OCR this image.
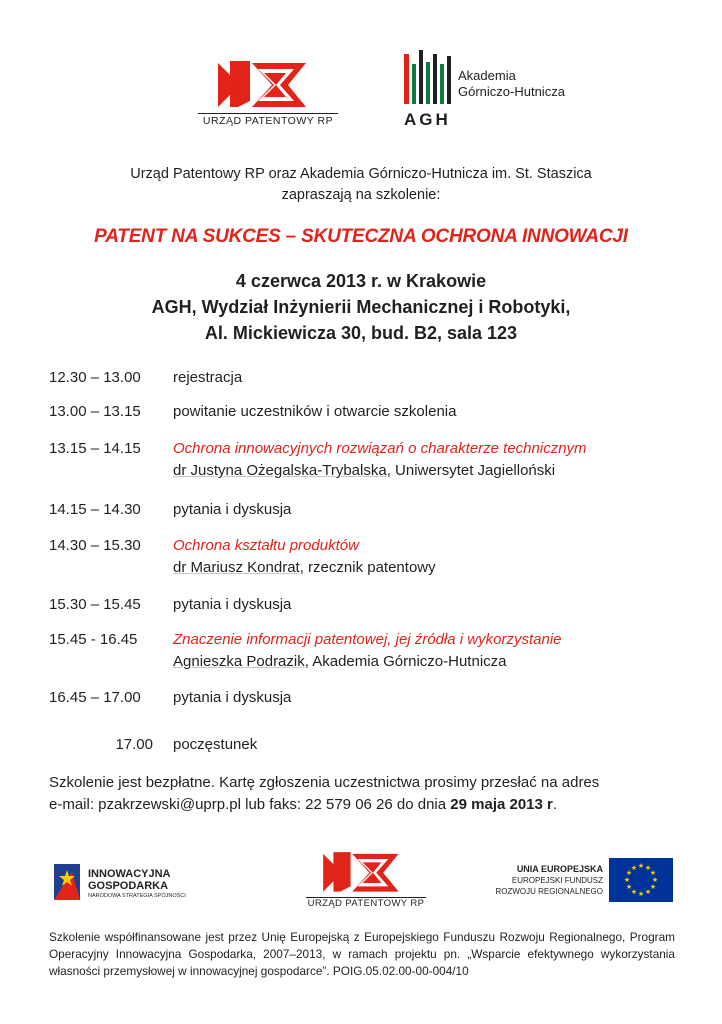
URZĄD PATENTOWY RP
Akademia
Górniczo-Hutnicza
AGH
Urząd Patentowy RP oraz Akademia Górniczo-Hutnicza im. St. Staszica
zapraszają na szkolenie:
PATENT NA SUKCES – SKUTECZNA OCHRONA INNOWACJI
4 czerwca 2013 r. w Krakowie
AGH, Wydział Inżynierii Mechanicznej i Robotyki,
Al. Mickiewicza 30, bud. B2, sala 123
12.30 – 13.00	rejestracja
13.00 – 13.15	powitanie uczestników i otwarcie szkolenia
13.15 – 14.15	Ochrona innowacyjnych rozwiązań o charakterze technicznym
dr Justyna Ożegalska-Trybalska, Uniwersytet Jagielloński
14.15 – 14.30	pytania i dyskusja
14.30 – 15.30	Ochrona kształtu produktów
dr Mariusz Kondrat, rzecznik patentowy
15.30 – 15.45	pytania i dyskusja
15.45 - 16.45	Znaczenie informacji patentowej, jej źródła i wykorzystanie
Agnieszka Podrazik, Akademia Górniczo-Hutnicza
16.45 – 17.00	pytania i dyskusja
17.00 poczęstunek
Szkolenie jest bezpłatne. Kartę zgłoszenia uczestnictwa prosimy przesłać na adres
e-mail: pzakrzewski@uprp.pl lub faks: 22 579 06 26 do dnia 29 maja 2013 r.
INNOWACYJNA
GOSPODARKA
NARODOWA STRATEGIA SPÓJNOŚCI
URZĄD PATENTOWY RP
UNIA EUROPEJSKA
EUROPEJSKI FUNDUSZ
ROZWOJU REGIONALNEGO
★ ★
★
★
★
★
★
★
★
★
★
★
Szkolenie współfinansowane jest przez Unię Europejską z Europejskiego Funduszu Rozwoju Regionalnego, Program Operacyjny Innowacyjna Gospodarka, 2007–2013, w ramach projektu pn. „Wsparcie efektywnego wykorzystania własności przemysłowej w innowacyjnej gospodarce”. POIG.05.02.00-00-004/10
